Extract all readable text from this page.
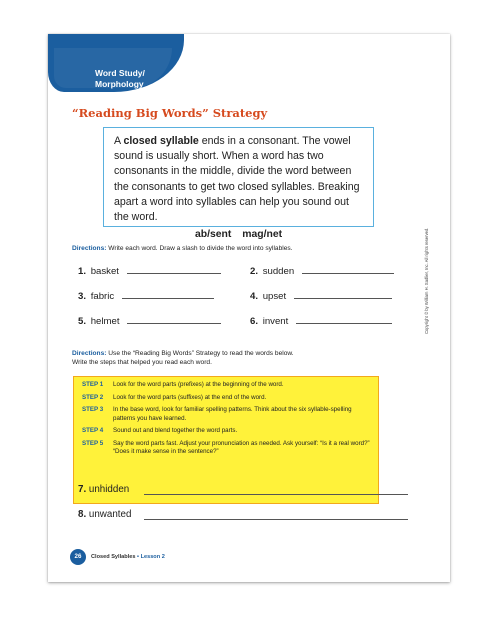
Word Study/
Morphology
“Reading Big Words” Strategy
A closed syllable ends in a consonant. The vowel sound is usually short. When a word has two consonants in the middle, divide the word between the consonants to get two closed syllables. Breaking apart a word into syllables can help you sound out the word.
ab/sent mag/net
Directions: Write each word. Draw a slash to divide the word into syllables.
1. basket	2. sudden
3. fabric	4. upset
5. helmet	6. invent
Directions: Use the “Reading Big Words” Strategy to read the words below.
Write the steps that helped you read each word.
STEP 1	Look for the word parts (prefixes) at the beginning of the word.
STEP 2	Look for the word parts (suffixes) at the end of the word.
STEP 3	In the base word, look for familiar spelling patterns. Think about the six syllable-spelling patterns you have learned.
STEP 4	Sound out and blend together the word parts.
STEP 5	Say the word parts fast. Adjust your pronunciation as needed. Ask yourself: “Is it a real word?” “Does it make sense in the sentence?”
7. unhidden
8. unwanted
26	Closed Syllables • Lesson 2
Copyright © by William H. Sadlier, Inc. All rights reserved.
